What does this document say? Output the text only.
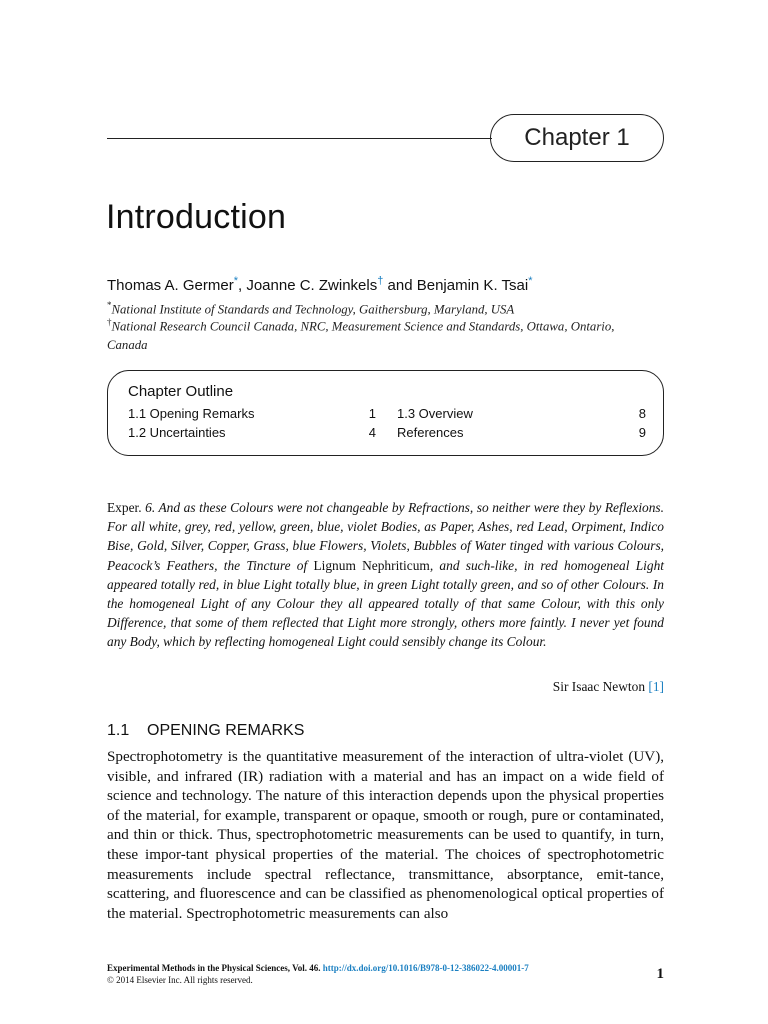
Chapter 1
Introduction
Thomas A. Germer*, Joanne C. Zwinkels† and Benjamin K. Tsai*
*National Institute of Standards and Technology, Gaithersburg, Maryland, USA
†National Research Council Canada, NRC, Measurement Science and Standards, Ottawa, Ontario, Canada
Chapter Outline
1.1 Opening Remarks	1
1.2 Uncertainties	4
1.3 Overview	8
References	9
Exper. 6. And as these Colours were not changeable by Refractions, so neither were they by Reflexions. For all white, grey, red, yellow, green, blue, violet Bodies, as Paper, Ashes, red Lead, Orpiment, Indico Bise, Gold, Silver, Copper, Grass, blue Flowers, Violets, Bubbles of Water tinged with various Colours, Peacock’s Feathers, the Tincture of Lignum Nephriticum, and such-like, in red homogeneal Light appeared totally red, in blue Light totally blue, in green Light totally green, and so of other Colours. In the homogeneal Light of any Colour they all appeared totally of that same Colour, with this only Difference, that some of them reflected that Light more strongly, others more faintly. I never yet found any Body, which by reflecting homogeneal Light could sensibly change its Colour.
Sir Isaac Newton [1]
1.1 OPENING REMARKS
Spectrophotometry is the quantitative measurement of the interaction of ultra-violet (UV), visible, and infrared (IR) radiation with a material and has an impact on a wide field of science and technology. The nature of this interaction depends upon the physical properties of the material, for example, transparent or opaque, smooth or rough, pure or contaminated, and thin or thick. Thus, spectrophotometric measurements can be used to quantify, in turn, these impor-tant physical properties of the material. The choices of spectrophotometric measurements include spectral reflectance, transmittance, absorptance, emit-tance, scattering, and fluorescence and can be classified as phenomenological optical properties of the material. Spectrophotometric measurements can also
Experimental Methods in the Physical Sciences, Vol. 46. http://dx.doi.org/10.1016/B978-0-12-386022-4.00001-7
© 2014 Elsevier Inc. All rights reserved.	1
